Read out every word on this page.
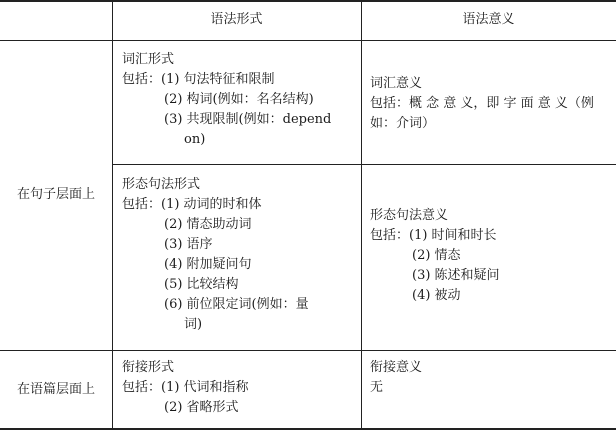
语法形式	语法意义
在句子层面上
在语篇层面上
词汇形式
包括：(1) 句法特征和限制
(2) 构词(例如：名名结构)
(3) 共现限制(例如：depend
on)
词汇意义
包括：概 念 意 义，即 字 面 意 义（例
如：介词）
形态句法形式
包括：(1) 动词的时和体
(2) 情态助动词
(3) 语序
(4) 附加疑问句
(5) 比较结构
(6) 前位限定词(例如：量
词)
形态句法意义
包括：(1) 时间和时长
(2) 情态
(3) 陈述和疑问
(4) 被动
衔接形式
包括：(1) 代词和指称
(2) 省略形式
衔接意义
无
